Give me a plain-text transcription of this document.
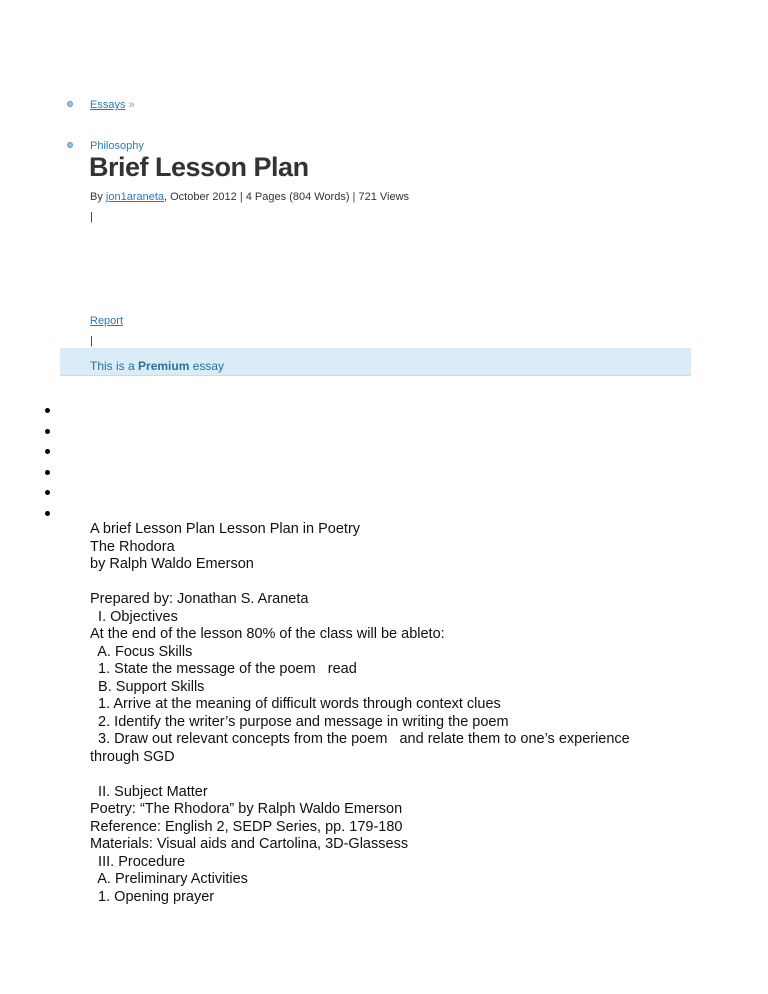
Essays »
Philosophy
Brief Lesson Plan
By jon1araneta, October 2012 | 4 Pages (804 Words) | 721 Views
|
Report
|
This is a Premium essay
A brief Lesson Plan Lesson Plan in Poetry
The Rhodora
by Ralph Waldo Emerson
Prepared by: Jonathan S. Araneta
I. Objectives
At the end of the lesson 80% of the class will be ableto:
A. Focus Skills
1. State the message of the poem   read
B. Support Skills
1. Arrive at the meaning of difficult words through context clues
2. Identify the writer’s purpose and message in writing the poem
3. Draw out relevant concepts from the poem   and relate them to one’s experience
through SGD
II. Subject Matter
Poetry: “The Rhodora” by Ralph Waldo Emerson
Reference: English 2, SEDP Series, pp. 179-180
Materials: Visual aids and Cartolina, 3D-Glassess
III. Procedure
A. Preliminary Activities
1. Opening prayer
